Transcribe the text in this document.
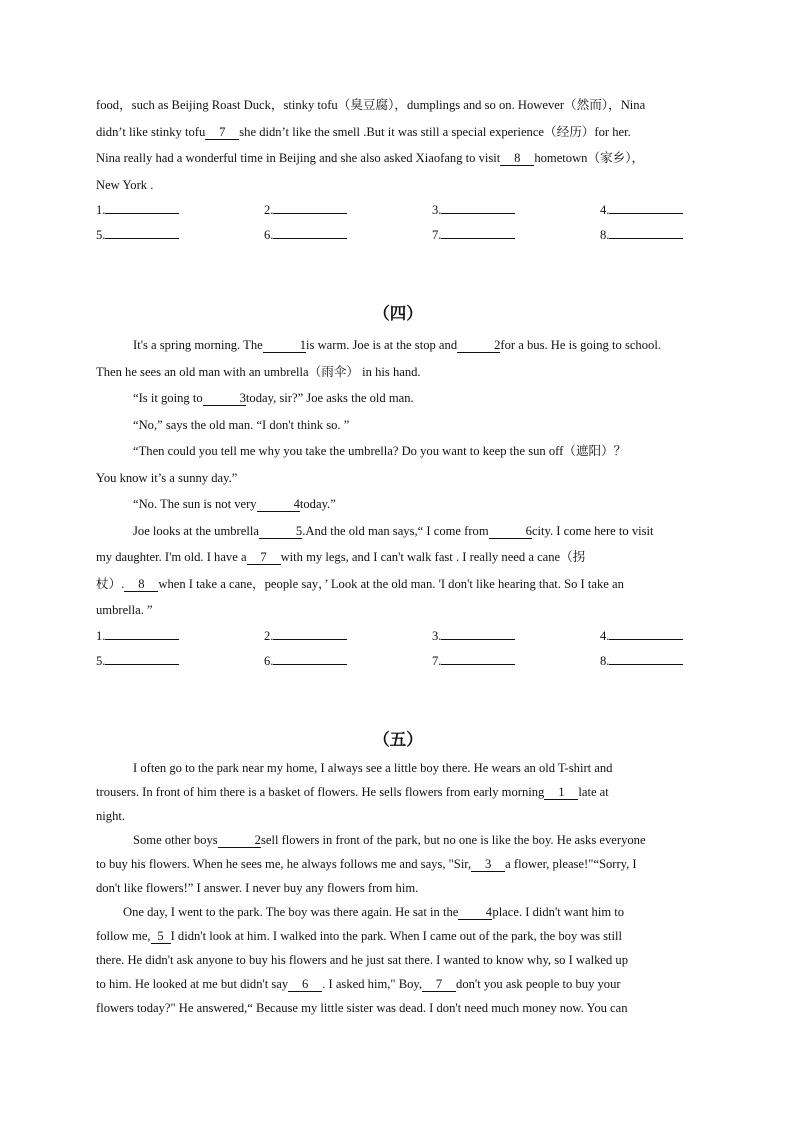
food，such as Beijing Roast Duck，stinky tofu（臭豆腐），dumplings and so on. However（然而），Nina

didn’t like stinky tofu 7 she didn’t like the smell .But it was still a special experience（经历）for her.

Nina really had a wonderful time in Beijing and she also asked Xiaofang to visit 8 hometown（家乡），

New York .

1.	2.	3.	4.
5.	6.	7.	8.
（四）

It's a spring morning. The	1is warm. Joe is at the stop and	2for a bus. He is going to school.

Then he sees an old man with an umbrella（雨伞） in his hand.

“Is it going to	3today, sir?” Joe asks the old man.

“No,” says the old man. “I don't think so. ”

“Then could you tell me why you take the umbrella? Do you want to keep the sun off（遮阳）？

You know it’s a sunny day.”

“No. The sun is not very	4today.”

Joe looks at the umbrella	5.And the old man says,“ I come from	6city. I come here to visit

my daughter. I'm old. I have a 7 with my legs, and I can't walk fast . I really need a cane（拐

杖）. 8 when I take a cane，people say，’ Look at the old man. 'I don't like hearing that. So I take an

umbrella. ”

1.	2.	3.	4.
5.	6.	7.	8.
（五）

I often go to the park near my home, I always see a little boy there. He wears an old T-shirt and

trousers. In front of him there is a basket of flowers. He sells flowers from early morning 1 late at

night.

Some other boys	2sell flowers in front of the park, but no one is like the boy. He asks everyone

to buy his flowers. When he sees me, he always follows me and says, "Sir, 3 a flower, please!"“Sorry, I

don't like flowers!” I answer. I never buy any flowers from him.

One day, I went to the park. The boy was there again. He sat in the 4place. I didn't want him to

follow me, 5 I didn't look at him. I walked into the park. When I came out of the park, the boy was still

there. He didn't ask anyone to buy his flowers and he just sat there. I wanted to know why, so I walked up

to him. He looked at me but didn't say 6 . I asked him," Boy, 7 don't you ask people to buy your

flowers today?" He answered,“ Because my little sister was dead. I don't need much money now. You can
